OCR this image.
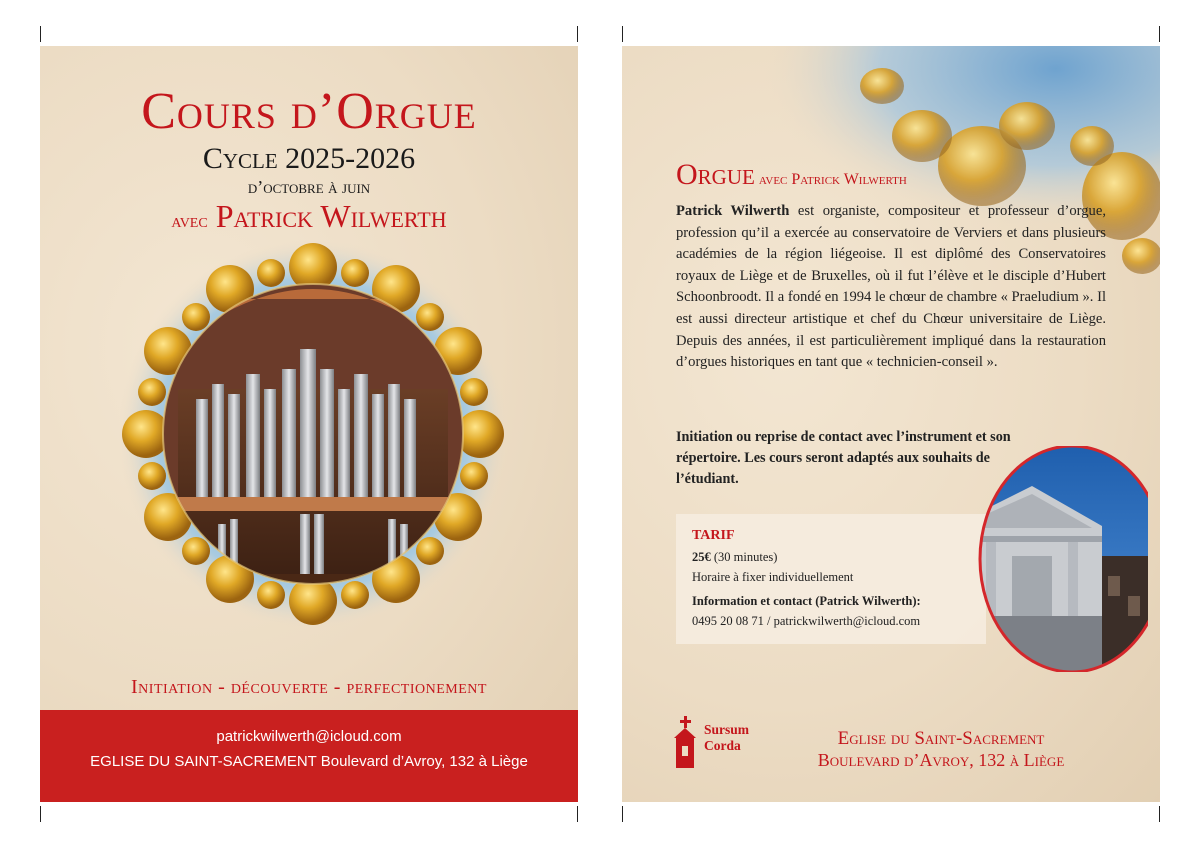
Cours d’Orgue
Cycle 2025-2026
d’octobre à juin
avec Patrick Wilwerth
Initiation - découverte - perfectionement
patrickwilwerth@icloud.com
EGLISE DU SAINT-SACREMENT Boulevard d’Avroy, 132 à Liège
Orgue avec Patrick Wilwerth
Patrick Wilwerth est organiste, compositeur et professeur d’orgue, profession qu’il a exercée au conservatoire de Verviers et dans plusieurs académies de la région liégeoise. Il est diplômé des Conservatoires royaux de Liège et de Bruxelles, où il fut l’élève et le disciple d’Hubert Schoonbroodt. Il a fondé en 1994 le chœur de chambre « Praeludium ». Il est aussi directeur artistique et chef du Chœur universitaire de Liège. Depuis des années, il est particulièrement impliqué dans la restauration d’orgues historiques en tant que « technicien-conseil ».
Initiation ou reprise de contact avec l’instrument et son répertoire. Les cours seront adaptés aux souhaits de l’étudiant.
TARIF
25€ (30 minutes)
Horaire à fixer individuellement
Information et contact (Patrick Wilwerth):
0495 20 08 71 / patrickwilwerth@icloud.com
Sursum
Corda	Eglise du Saint-Sacrement
Boulevard d’Avroy, 132 à Liège
